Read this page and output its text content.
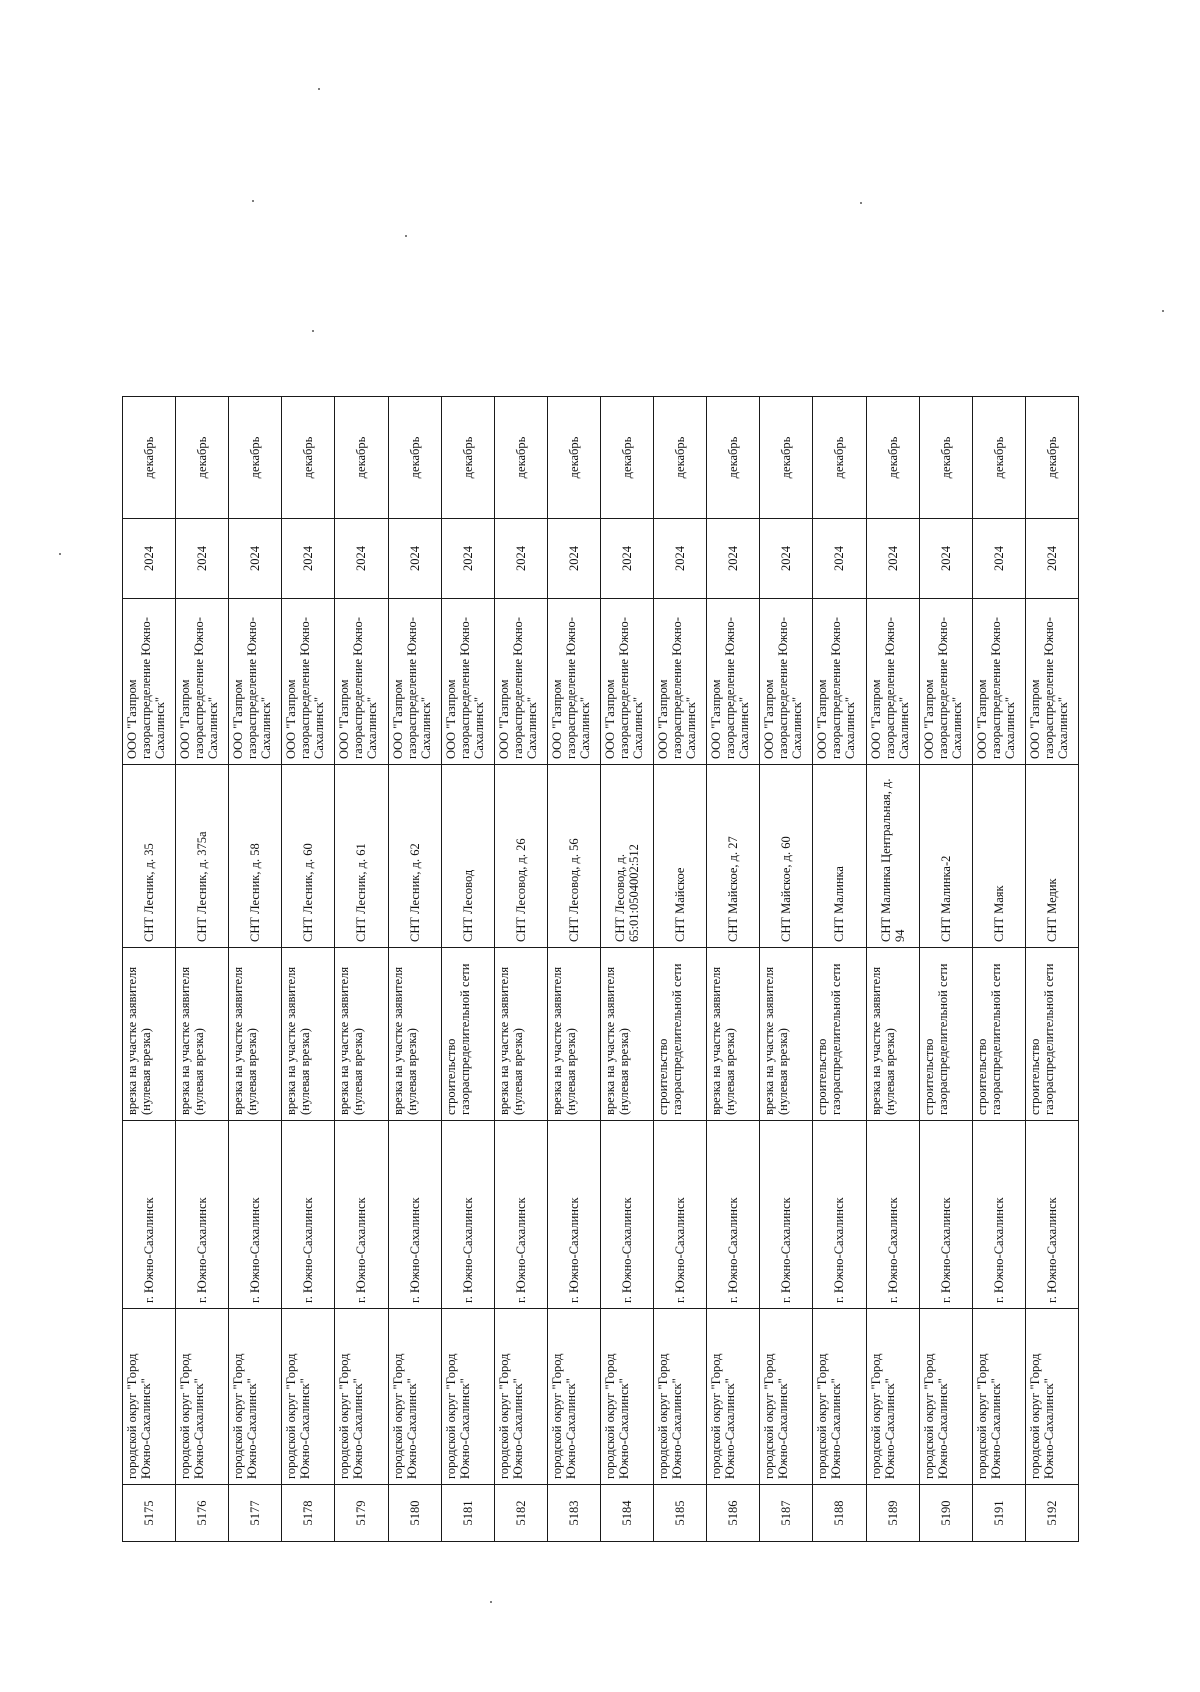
5175	городской округ "Город Южно-Сахалинск"	г. Южно-Сахалинск	врезка на участке заявителя (нулевая врезка)	СНТ Лесник, д. 35	ООО "Газпром газораспределение Южно-Сахалинск"	2024	декабрь
5176	городской округ "Город Южно-Сахалинск"	г. Южно-Сахалинск	врезка на участке заявителя (нулевая врезка)	СНТ Лесник, д. 375а	ООО "Газпром газораспределение Южно-Сахалинск"	2024	декабрь
5177	городской округ "Город Южно-Сахалинск"	г. Южно-Сахалинск	врезка на участке заявителя (нулевая врезка)	СНТ Лесник, д. 58	ООО "Газпром газораспределение Южно-Сахалинск"	2024	декабрь
5178	городской округ "Город Южно-Сахалинск"	г. Южно-Сахалинск	врезка на участке заявителя (нулевая врезка)	СНТ Лесник, д. 60	ООО "Газпром газораспределение Южно-Сахалинск"	2024	декабрь
5179	городской округ "Город Южно-Сахалинск"	г. Южно-Сахалинск	врезка на участке заявителя (нулевая врезка)	СНТ Лесник, д. 61	ООО "Газпром газораспределение Южно-Сахалинск"	2024	декабрь
5180	городской округ "Город Южно-Сахалинск"	г. Южно-Сахалинск	врезка на участке заявителя (нулевая врезка)	СНТ Лесник, д. 62	ООО "Газпром газораспределение Южно-Сахалинск"	2024	декабрь
5181	городской округ "Город Южно-Сахалинск"	г. Южно-Сахалинск	строительство газораспределительной сети	СНТ Лесовод	ООО "Газпром газораспределение Южно-Сахалинск"	2024	декабрь
5182	городской округ "Город Южно-Сахалинск"	г. Южно-Сахалинск	врезка на участке заявителя (нулевая врезка)	СНТ Лесовод, д. 26	ООО "Газпром газораспределение Южно-Сахалинск"	2024	декабрь
5183	городской округ "Город Южно-Сахалинск"	г. Южно-Сахалинск	врезка на участке заявителя (нулевая врезка)	СНТ Лесовод, д. 56	ООО "Газпром газораспределение Южно-Сахалинск"	2024	декабрь
5184	городской округ "Город Южно-Сахалинск"	г. Южно-Сахалинск	врезка на участке заявителя (нулевая врезка)	СНТ Лесовод, д. 65:01:0504002:512	ООО "Газпром газораспределение Южно-Сахалинск"	2024	декабрь
5185	городской округ "Город Южно-Сахалинск"	г. Южно-Сахалинск	строительство газораспределительной сети	СНТ Майское	ООО "Газпром газораспределение Южно-Сахалинск"	2024	декабрь
5186	городской округ "Город Южно-Сахалинск"	г. Южно-Сахалинск	врезка на участке заявителя (нулевая врезка)	СНТ Майское, д. 27	ООО "Газпром газораспределение Южно-Сахалинск"	2024	декабрь
5187	городской округ "Город Южно-Сахалинск"	г. Южно-Сахалинск	врезка на участке заявителя (нулевая врезка)	СНТ Майское, д. 60	ООО "Газпром газораспределение Южно-Сахалинск"	2024	декабрь
5188	городской округ "Город Южно-Сахалинск"	г. Южно-Сахалинск	строительство газораспределительной сети	СНТ Малинка	ООО "Газпром газораспределение Южно-Сахалинск"	2024	декабрь
5189	городской округ "Город Южно-Сахалинск"	г. Южно-Сахалинск	врезка на участке заявителя (нулевая врезка)	СНТ Малинка Центральная, д. 94	ООО "Газпром газораспределение Южно-Сахалинск"	2024	декабрь
5190	городской округ "Город Южно-Сахалинск"	г. Южно-Сахалинск	строительство газораспределительной сети	СНТ Малинка-2	ООО "Газпром газораспределение Южно-Сахалинск"	2024	декабрь
5191	городской округ "Город Южно-Сахалинск"	г. Южно-Сахалинск	строительство газораспределительной сети	СНТ Маяк	ООО "Газпром газораспределение Южно-Сахалинск"	2024	декабрь
5192	городской округ "Город Южно-Сахалинск"	г. Южно-Сахалинск	строительство газораспределительной сети	СНТ Медик	ООО "Газпром газораспределение Южно-Сахалинск"	2024	декабрь
